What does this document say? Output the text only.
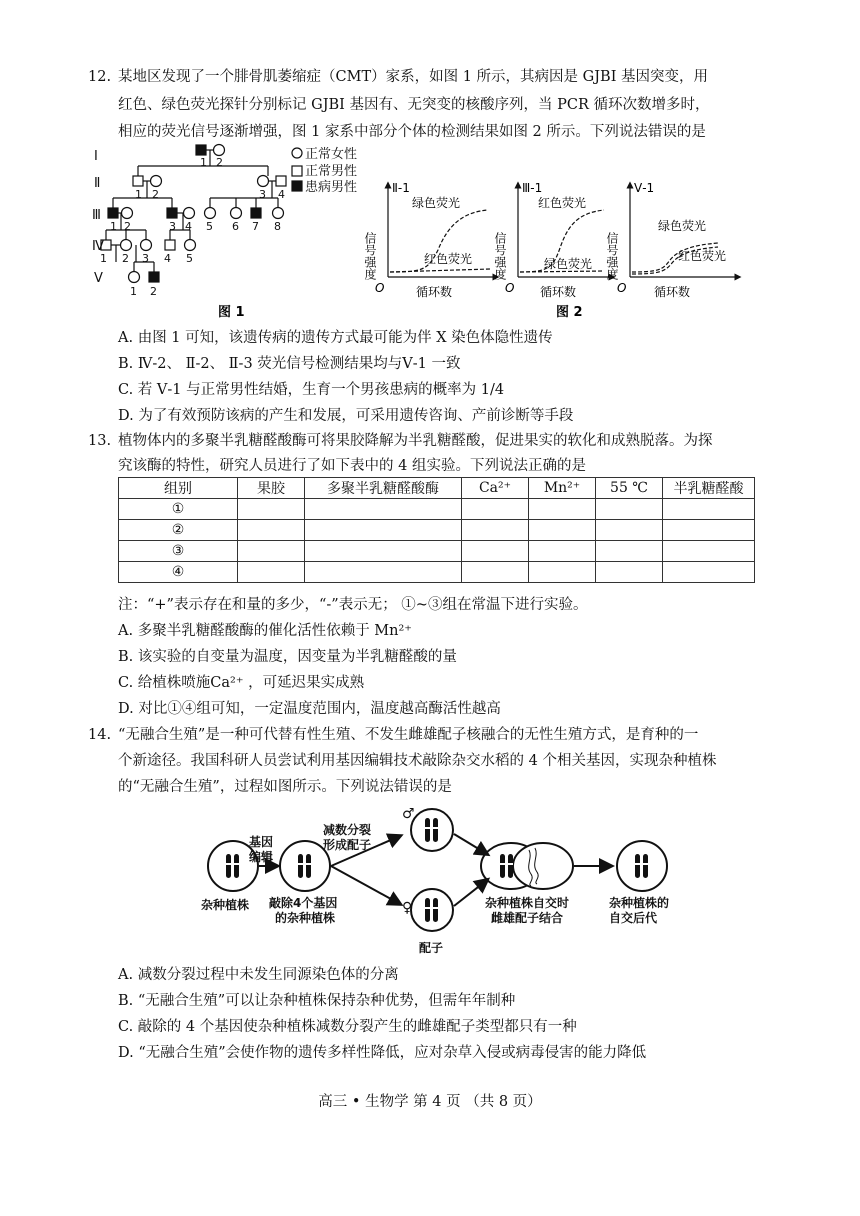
12. 某地区发现了一个腓骨肌萎缩症（CMT）家系，如图 1 所示，其病因是 GJBI 基因突变，用
红色、绿色荧光探针分别标记 GJBI 基因有、无突变的核酸序列，当 PCR 循环次数增多时，
相应的荧光信号逐渐增强，图 1 家系中部分个体的检测结果如图 2 所示。下列说法错误的是
Ⅰ
Ⅱ
Ⅲ
Ⅳ
Ⅴ
2
1
1 2	3 4
1 2	3 4 5 6 7 8
1 2 3 4 5
1 2
正常女性
正常男性
患病男性
图 1
信号强度
Ⅱ-1
绿色荧光
红色荧光
O	循环数
信号强度
Ⅲ-1
红色荧光
绿色荧光
O 循环数
信号强度
Ⅴ-1
绿色荧光
红色荧光
O 循环数
图 2
A. 由图 1 可知，该遗传病的遗传方式最可能为伴 X 染色体隐性遗传
B. Ⅳ-2、 Ⅱ-2、 Ⅱ-3 荧光信号检测结果均与Ⅴ-1 一致
C. 若 Ⅴ-1 与正常男性结婚，生育一个男孩患病的概率为 1/4
D. 为了有效预防该病的产生和发展，可采用遗传咨询、产前诊断等手段
13. 植物体内的多聚半乳糖醛酸酶可将果胶降解为半乳糖醛酸，促进果实的软化和成熟脱落。为探
究该酶的特性，研究人员进行了如下表中的 4 组实验。下列说法正确的是
组别	果胶	多聚半乳糖醛酸酶	Ca²⁺	Mn²⁺	55 ℃	半乳糖醛酸
①						
②						
③						
④						
注：“+”表示存在和量的多少，“-”表示无； ①~③组在常温下进行实验。
A. 多聚半乳糖醛酸酶的催化活性依赖于 Mn²⁺
B. 该实验的自变量为温度，因变量为半乳糖醛酸的量
C. 给植株喷施Ca²⁺ ，可延迟果实成熟
D. 对比①④组可知，一定温度范围内，温度越高酶活性越高
14. “无融合生殖”是一种可代替有性生殖、不发生雌雄配子核融合的无性生殖方式，是育种的一
个新途径。我国科研人员尝试利用基因编辑技术敲除杂交水稻的 4 个相关基因，实现杂种植株
的“无融合生殖”，过程如图所示。下列说法错误的是
基因
编辑
杂种植株 敲除4个基因
的杂种植株
减数分裂
形成配子
♂
♀
配子
杂种植株自交时
雌雄配子结合
杂种植株的
自交后代
A. 减数分裂过程中未发生同源染色体的分离
B. “无融合生殖”可以让杂种植株保持杂种优势，但需年年制种
C. 敲除的 4 个基因使杂种植株减数分裂产生的雌雄配子类型都只有一种
D. “无融合生殖”会使作物的遗传多样性降低，应对杂草入侵或病毒侵害的能力降低
高三 • 生物学 第 4 页 （共 8 页）
